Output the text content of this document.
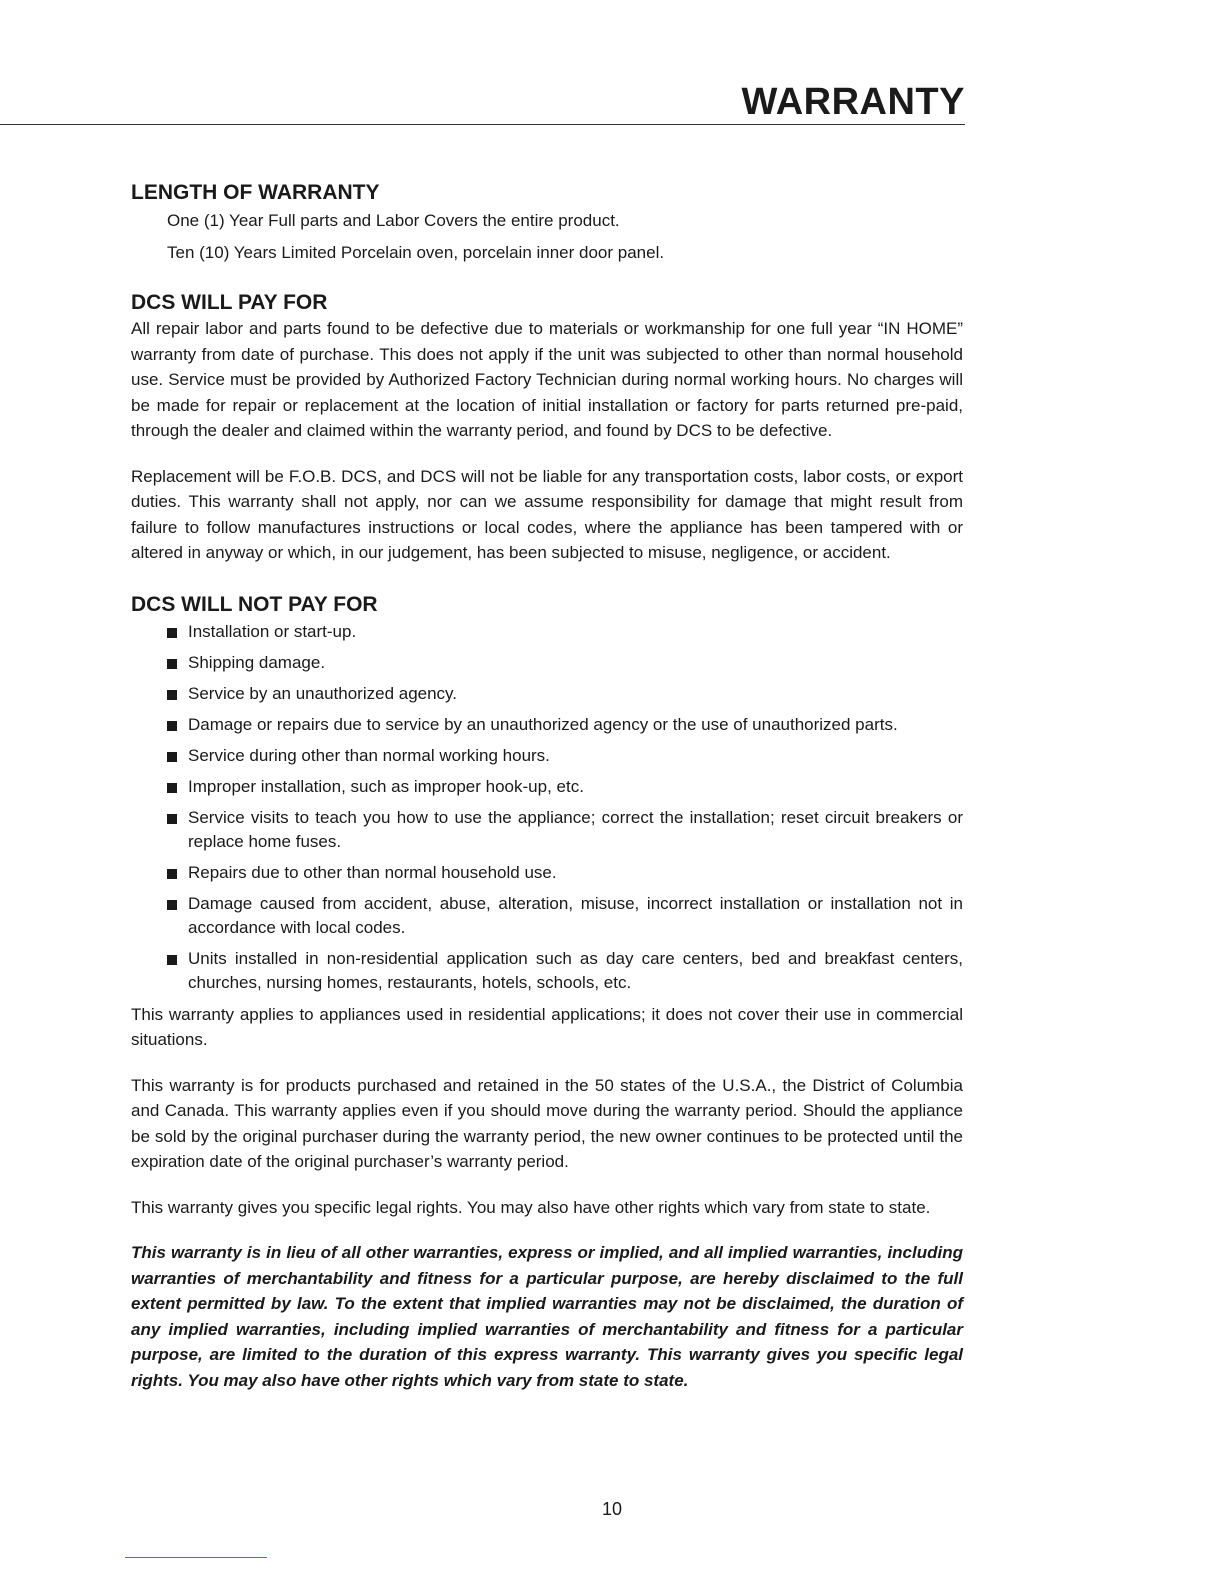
WARRANTY
LENGTH OF WARRANTY
One (1) Year Full parts and Labor Covers the entire product.
Ten (10) Years Limited Porcelain oven, porcelain inner door panel.
DCS WILL PAY FOR

All repair labor and parts found to be defective due to materials or workmanship for one full year “IN HOME” warranty from date of purchase. This does not apply if the unit was subjected to other than normal household use. Service must be provided by Authorized Factory Technician during normal working hours. No charges will be made for repair or replacement at the location of initial installation or factory for parts returned pre-paid, through the dealer and claimed within the warranty period, and found by DCS to be defective.

Replacement will be F.O.B. DCS, and DCS will not be liable for any transportation costs, labor costs, or export duties. This warranty shall not apply, nor can we assume responsibility for damage that might result from failure to follow manufactures instructions or local codes, where the appliance has been tampered with or altered in anyway or which, in our judgement, has been subjected to misuse, negligence, or accident.

DCS WILL NOT PAY FOR
Installation or start-up.
Shipping damage.
Service by an unauthorized agency.
Damage or repairs due to service by an unauthorized agency or the use of unauthorized parts.
Service during other than normal working hours.
Improper installation, such as improper hook-up, etc.
Service visits to teach you how to use the appliance; correct the installation; reset circuit breakers or replace home fuses.
Repairs due to other than normal household use.
Damage caused from accident, abuse, alteration, misuse, incorrect installation or installation not in accordance with local codes.
Units installed in non-residential application such as day care centers, bed and breakfast centers, churches, nursing homes, restaurants, hotels, schools, etc.

This warranty applies to appliances used in residential applications; it does not cover their use in commercial situations.

This warranty is for products purchased and retained in the 50 states of the U.S.A., the District of Columbia and Canada. This warranty applies even if you should move during the warranty period. Should the appliance be sold by the original purchaser during the warranty period, the new owner continues to be protected until the expiration date of the original purchaser’s warranty period.

This warranty gives you specific legal rights. You may also have other rights which vary from state to state.

This warranty is in lieu of all other warranties, express or implied, and all implied warranties, including warranties of merchantability and fitness for a particular purpose, are hereby disclaimed to the full extent permitted by law. To the extent that implied warranties may not be disclaimed, the duration of any implied warranties, including implied warranties of merchantability and fitness for a particular purpose, are limited to the duration of this express warranty. This warranty gives you specific legal rights. You may also have other rights which vary from state to state.

10
